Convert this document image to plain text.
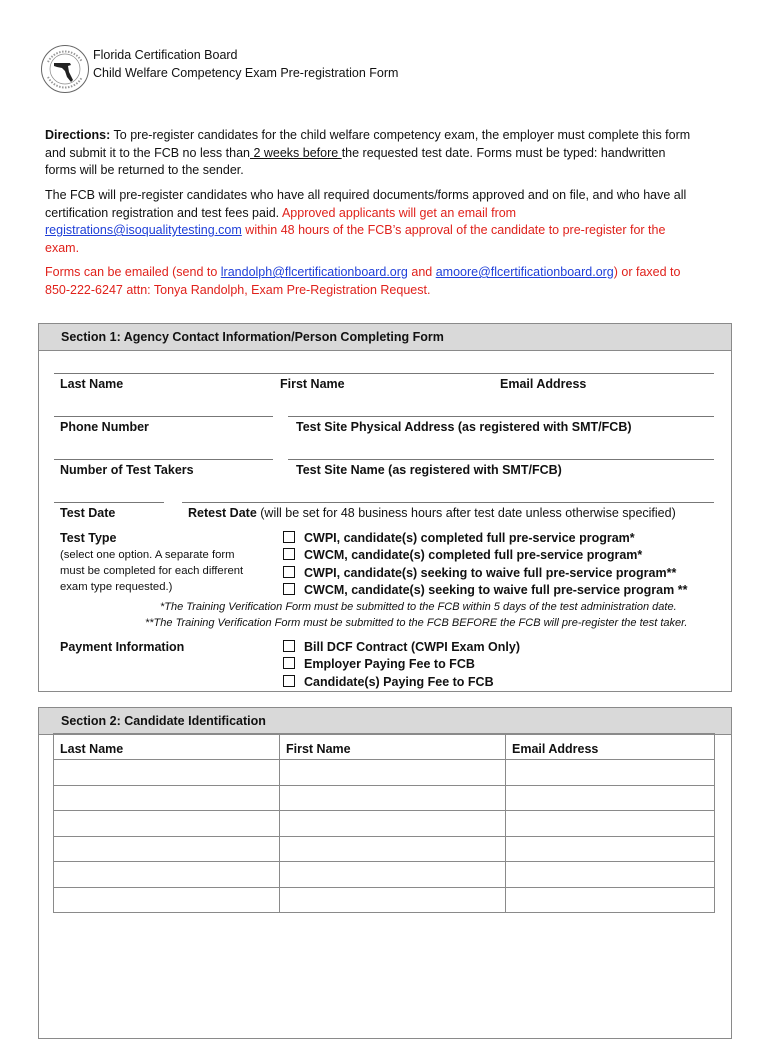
Florida Certification Board
Child Welfare Competency Exam Pre-registration Form
Directions: To pre-register candidates for the child welfare competency exam, the employer must complete this form and submit it to the FCB no less than 2 weeks before the requested test date. Forms must be typed: handwritten forms will be returned to the sender.
The FCB will pre-register candidates who have all required documents/forms approved and on file, and who have all certification registration and test fees paid. Approved applicants will get an email from registrations@isoqualitytesting.com within 48 hours of the FCB’s approval of the candidate to pre-register for the exam.
Forms can be emailed (send to lrandolph@flcertificationboard.org and amoore@flcertificationboard.org) or faxed to 850-222-6247 attn: Tonya Randolph, Exam Pre-Registration Request.
Section 1: Agency Contact Information/Person Completing Form
Last Name	First Name	Email Address
Phone Number	Test Site Physical Address (as registered with SMT/FCB)
Number of Test Takers	Test Site Name (as registered with SMT/FCB)
Test Date	Retest Date (will be set for 48 business hours after test date unless otherwise specified)
Test Type
(select one option. A separate form
must be completed for each different
exam type requested.)
CWPI, candidate(s) completed full pre-service program*
CWCM, candidate(s) completed full pre-service program*
CWPI, candidate(s) seeking to waive full pre-service program**
CWCM, candidate(s) seeking to waive full pre-service program **
*The Training Verification Form must be submitted to the FCB within 5 days of the test administration date.
**The Training Verification Form must be submitted to the FCB BEFORE the FCB will pre-register the test taker.
Payment Information	Bill DCF Contract (CWPI Exam Only)
Employer Paying Fee to FCB
Candidate(s) Paying Fee to FCB
Section 2: Candidate Identification
Last Name	First Name	Email Address
